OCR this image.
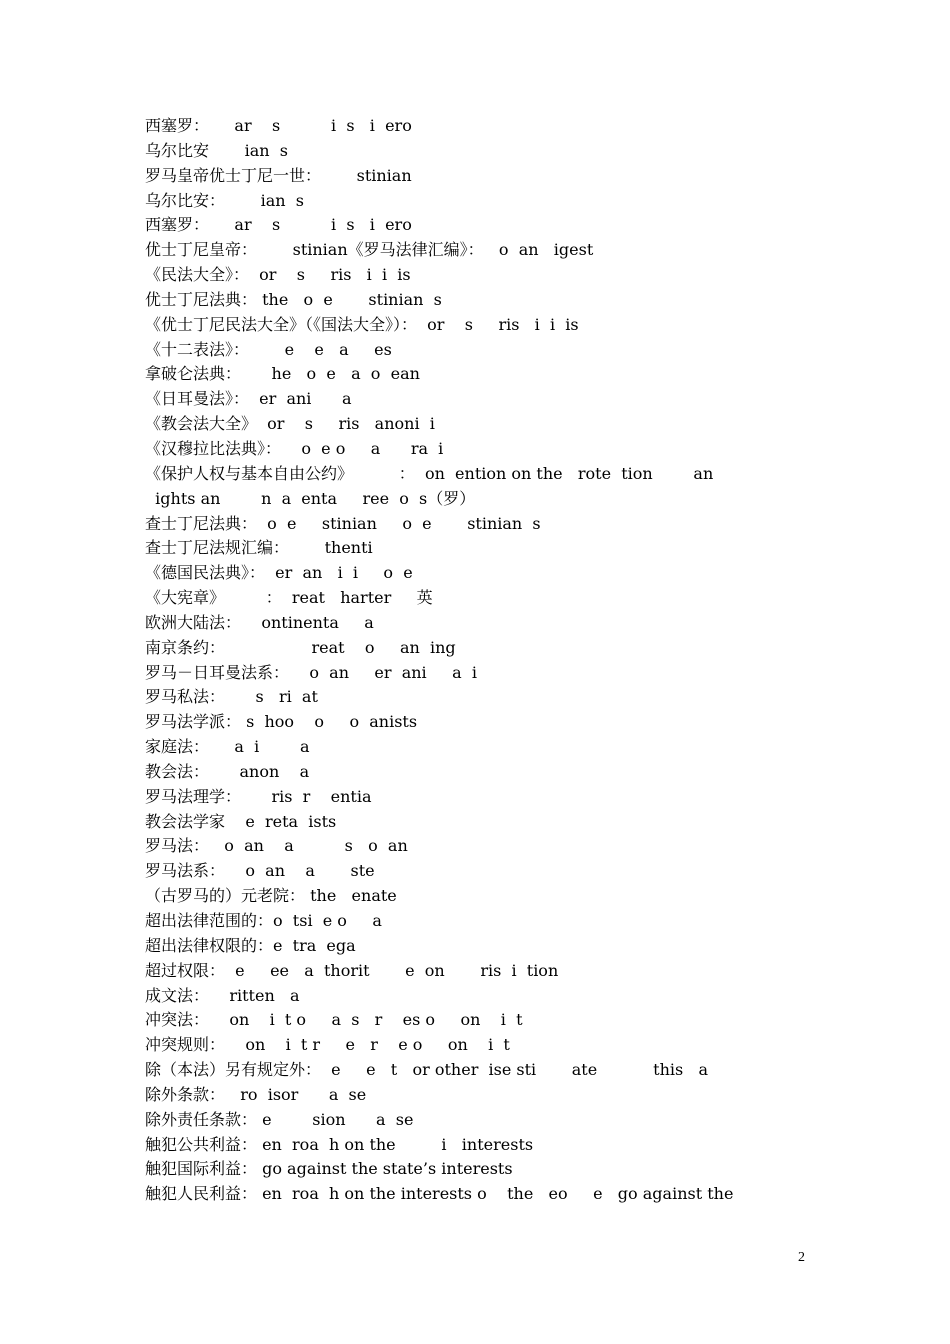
西塞罗：     ar    s          i  s   i  ero
乌尔比安       ian  s
罗马皇帝优士丁尼一世：       stinian
乌尔比安：       ian  s
西塞罗：     ar    s          i  s   i  ero
优士丁尼皇帝：       stinian《罗马法律汇编》：   o  an   igest
《民法大全》：  or    s     ris   i  i  is
优士丁尼法典： the   o  e       stinian  s
《优士丁尼民法大全》（《国法大全》）：  or    s     ris   i  i  is
《十二表法》：       e    e   a     es
拿破仑法典：      he   o  e   a  o  ean
《日耳曼法》：  er  ani      a
《教会法大全》  or    s     ris   anoni  i
《汉穆拉比法典》：    o  e o     a      ra  i
《保护人权与基本自由公约》         ：  on  ention on the   rote  tion        an
ights an        n  a  enta     ree  o  s（罗）
查士丁尼法典：  o  e     stinian     o  e       stinian  s
查士丁尼法规汇编：       thenti
《德国民法典》：  er  an   i  i     o  e
《大宪章》        ：  reat   harter     英
欧洲大陆法：    ontinenta     a
南京条约：                 reat    o     an  ing
罗马－日耳曼法系：    o  an     er  ani     a  i
罗马私法：      s   ri  at
罗马法学派： s  hoo    o     o  anists
家庭法：     a  i        a
教会法：      anon    a
罗马法理学：      ris  r    entia
教会法学家    e  reta  ists
罗马法：   o  an    a          s   o  an
罗马法系：    o  an    a       ste
（古罗马的）元老院： the   enate
超出法律范围的：o  tsi  e o     a
超出法律权限的：e  tra  ega
超过权限：  e     ee   a  thorit       e  on       ris  i  tion
成文法：    ritten   a
冲突法：    on    i  t o     a  s   r    es o     on    i  t
冲突规则：    on    i  t r     e   r    e o     on    i  t
除（本法）另有规定外：  e     e   t   or other  ise sti       ate           this   a
除外条款：   ro  isor      a  se
除外责任条款： e        sion      a  se
触犯公共利益： en  roa  h on the         i   interests
触犯国际利益： go against the state’s interests
触犯人民利益： en  roa  h on the interests o    the   eo     e   go against the
2
